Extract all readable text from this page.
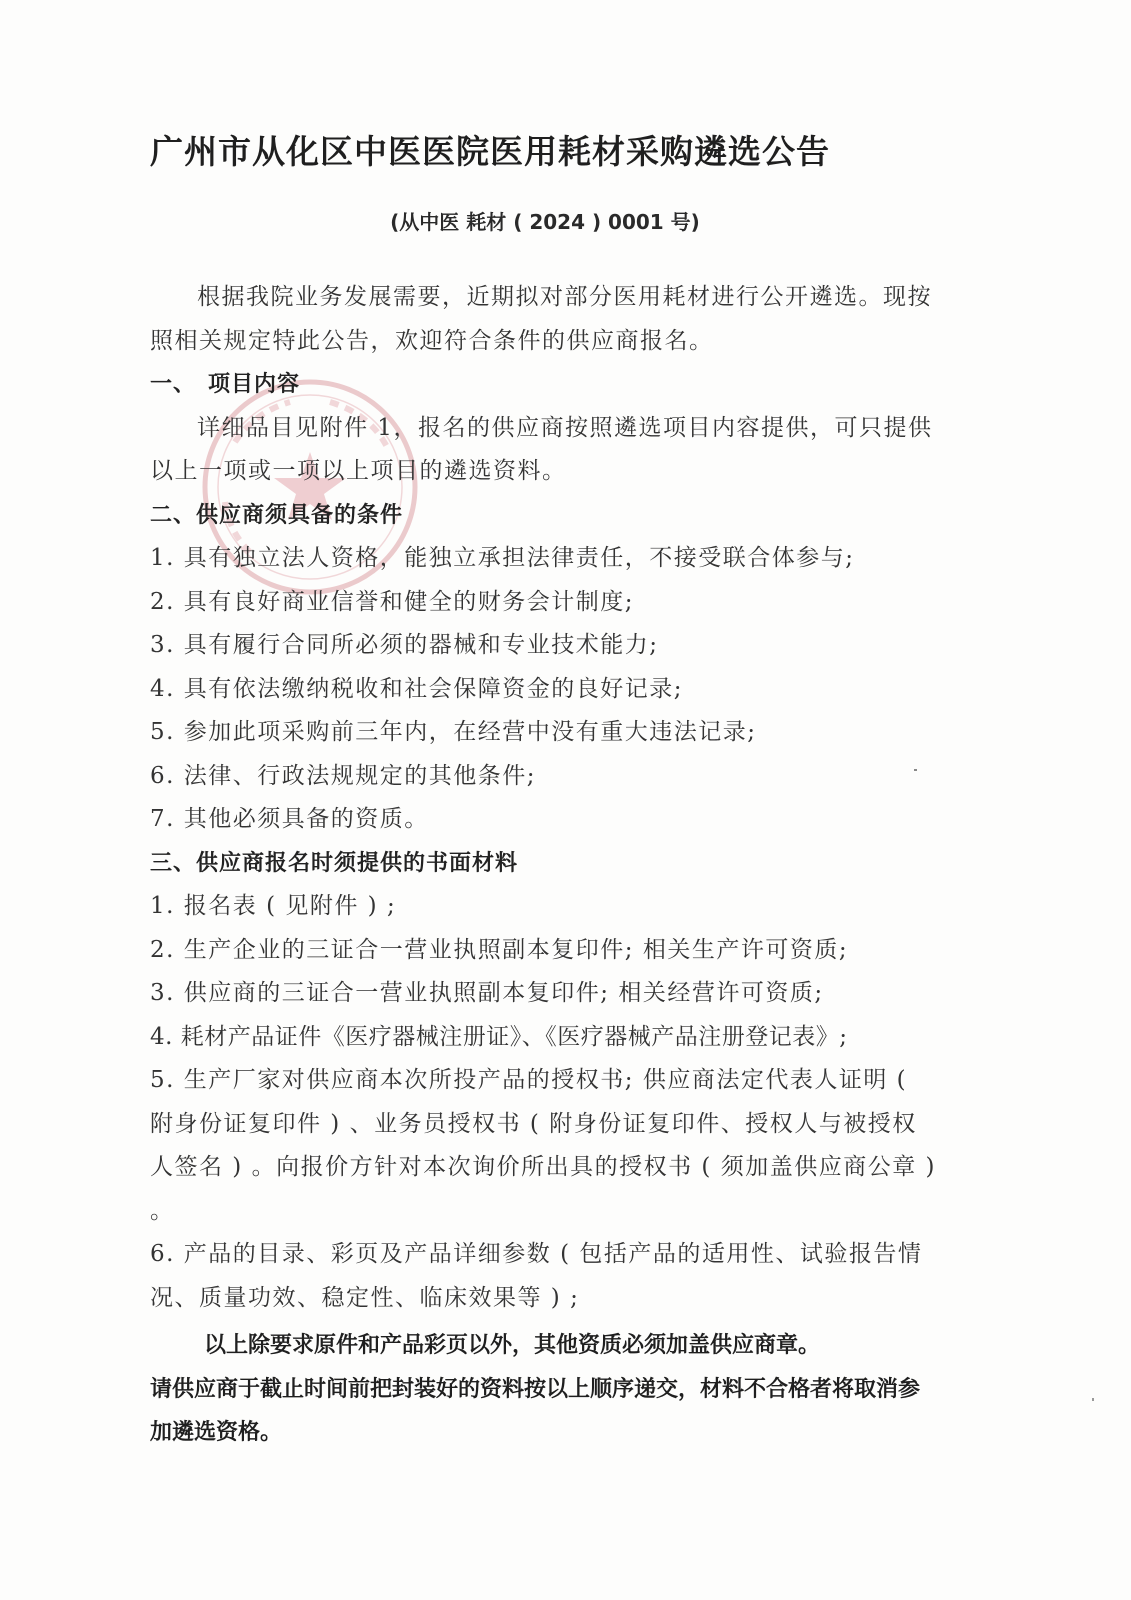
广州市从化区中医医院医用耗材采购遴选公告
(从中医 耗材 ( 2024 ) 0001 号)

根据我院业务发展需要，近期拟对部分医用耗材进行公开遴选。现按照相关规定特此公告，欢迎符合条件的供应商报名。

一、 项目内容
详细品目见附件 1，报名的供应商按照遴选项目内容提供，可只提供以上一项或一项以上项目的遴选资料。
二、供应商须具备的条件
1. 具有独立法人资格，能独立承担法律责任，不接受联合体参与;
2. 具有良好商业信誉和健全的财务会计制度;
3. 具有履行合同所必须的器械和专业技术能力;
4. 具有依法缴纳税收和社会保障资金的良好记录;
5. 参加此项采购前三年内，在经营中没有重大违法记录;
6. 法律、行政法规规定的其他条件;
7. 其他必须具备的资质。
三、供应商报名时须提供的书面材料
1. 报名表 ( 见附件 ) ;
2. 生产企业的三证合一营业执照副本复印件; 相关生产许可资质;
3. 供应商的三证合一营业执照副本复印件; 相关经营许可资质;
4. 耗材产品证件《医疗器械注册证》、《医疗器械产品注册登记表》;
5. 生产厂家对供应商本次所投产品的授权书; 供应商法定代表人证明 ( 附身份证复印件 ) 、业务员授权书 ( 附身份证复印件、授权人与被授权人签名 ) 。向报价方针对本次询价所出具的授权书 ( 须加盖供应商公章 ) 。
6. 产品的目录、彩页及产品详细参数 ( 包括产品的适用性、试验报告情况、质量功效、稳定性、临床效果等 ) ;
以上除要求原件和产品彩页以外，其他资质必须加盖供应商章。
请供应商于截止时间前把封装好的资料按以上顺序递交，材料不合格者将取消参加遴选资格。
